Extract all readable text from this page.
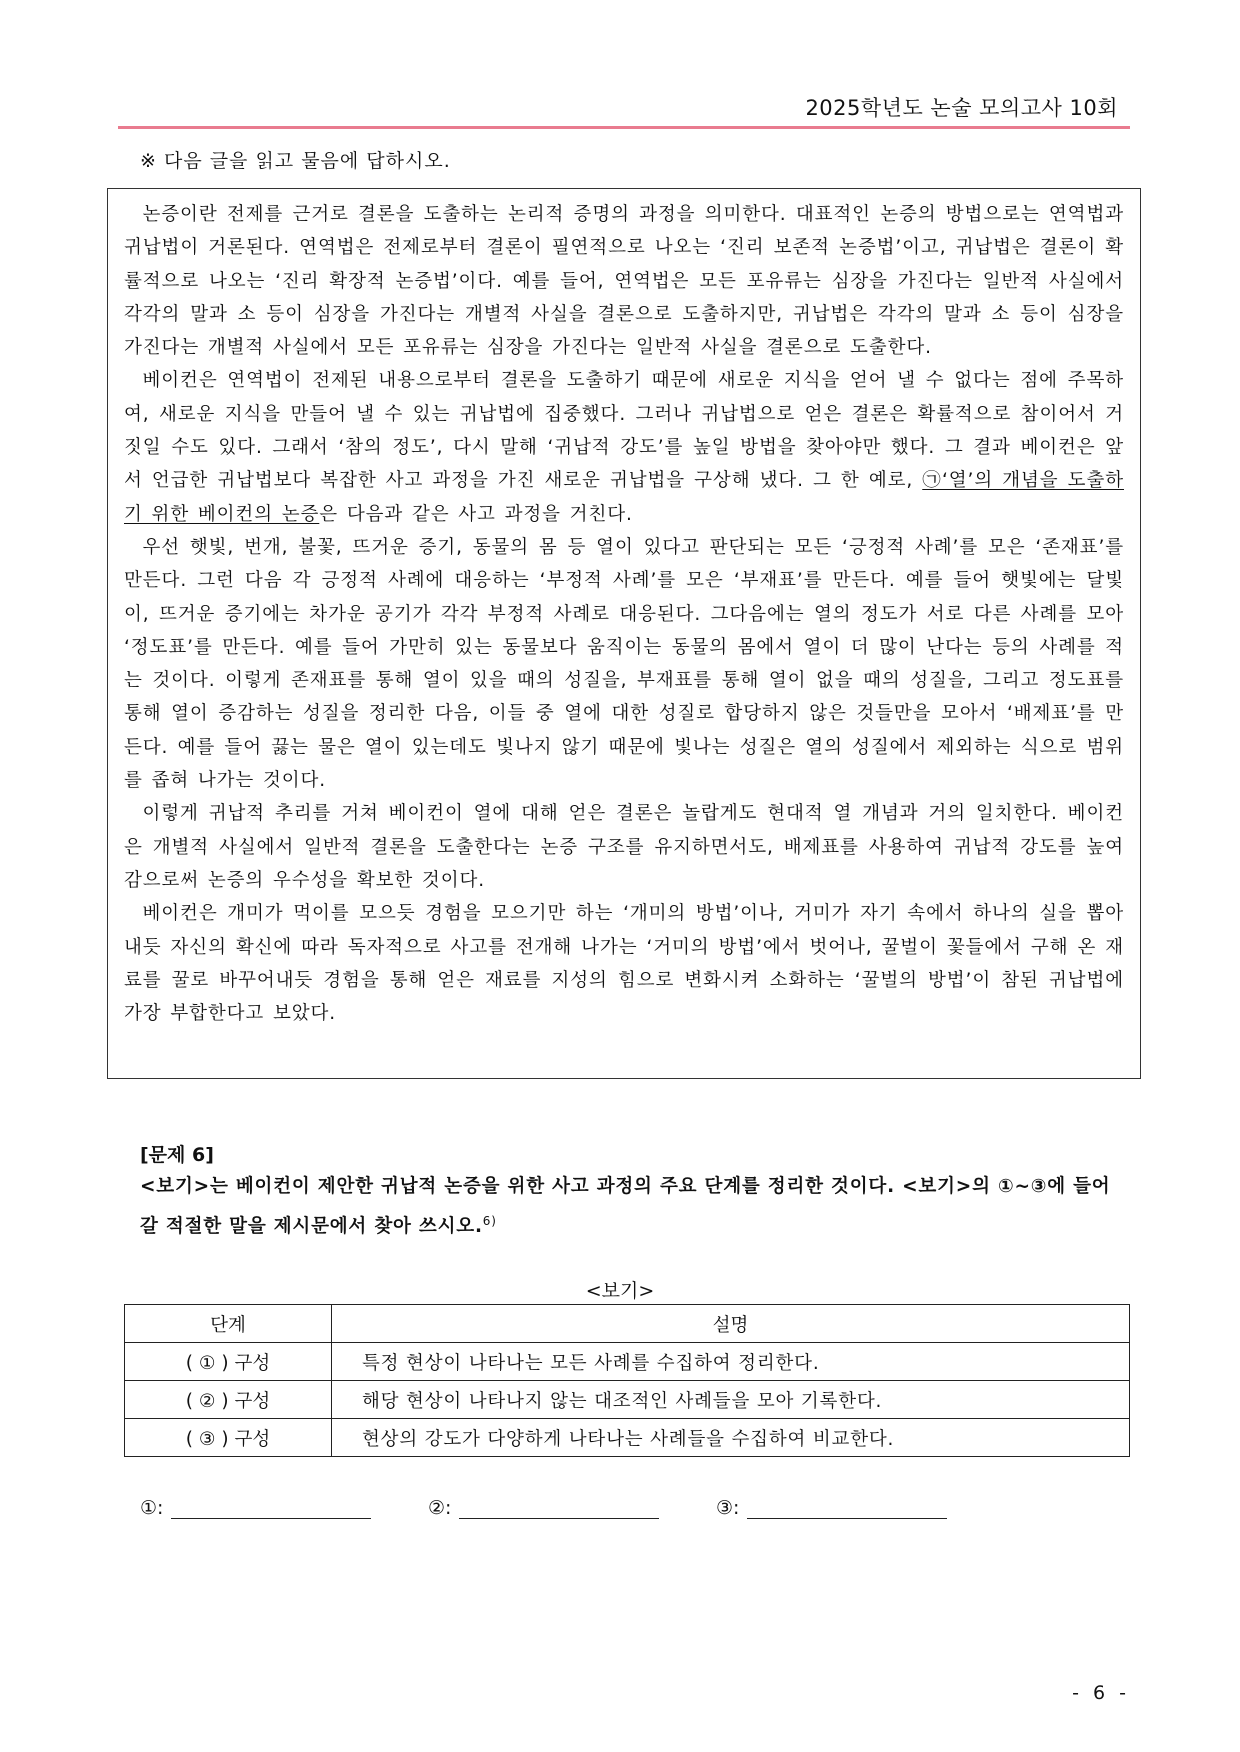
2025학년도 논술 모의고사 10회
※ 다음 글을 읽고 물음에 답하시오.

논증이란 전제를 근거로 결론을 도출하는 논리적 증명의 과정을 의미한다. 대표적인 논증의 방법으로는 연역법과 귀납법이 거론된다. 연역법은 전제로부터 결론이 필연적으로 나오는 ‘진리 보존적 논증법’이고, 귀납법은 결론이 확률적으로 나오는 ‘진리 확장적 논증법’이다. 예를 들어, 연역법은 모든 포유류는 심장을 가진다는 일반적 사실에서 각각의 말과 소 등이 심장을 가진다는 개별적 사실을 결론으로 도출하지만, 귀납법은 각각의 말과 소 등이 심장을 가진다는 개별적 사실에서 모든 포유류는 심장을 가진다는 일반적 사실을 결론으로 도출한다.

베이컨은 연역법이 전제된 내용으로부터 결론을 도출하기 때문에 새로운 지식을 얻어 낼 수 없다는 점에 주목하여, 새로운 지식을 만들어 낼 수 있는 귀납법에 집중했다. 그러나 귀납법으로 얻은 결론은 확률적으로 참이어서 거짓일 수도 있다. 그래서 ‘참의 정도’, 다시 말해 ‘귀납적 강도’를 높일 방법을 찾아야만 했다. 그 결과 베이컨은 앞서 언급한 귀납법보다 복잡한 사고 과정을 가진 새로운 귀납법을 구상해 냈다. 그 한 예로, ㉠‘열’의 개념을 도출하기 위한 베이컨의 논증은 다음과 같은 사고 과정을 거친다.

우선 햇빛, 번개, 불꽃, 뜨거운 증기, 동물의 몸 등 열이 있다고 판단되는 모든 ‘긍정적 사례’를 모은 ‘존재표’를 만든다. 그런 다음 각 긍정적 사례에 대응하는 ‘부정적 사례’를 모은 ‘부재표’를 만든다. 예를 들어 햇빛에는 달빛이, 뜨거운 증기에는 차가운 공기가 각각 부정적 사례로 대응된다. 그다음에는 열의 정도가 서로 다른 사례를 모아 ‘정도표’를 만든다. 예를 들어 가만히 있는 동물보다 움직이는 동물의 몸에서 열이 더 많이 난다는 등의 사례를 적는 것이다. 이렇게 존재표를 통해 열이 있을 때의 성질을, 부재표를 통해 열이 없을 때의 성질을, 그리고 정도표를 통해 열이 증감하는 성질을 정리한 다음, 이들 중 열에 대한 성질로 합당하지 않은 것들만을 모아서 ‘배제표’를 만든다. 예를 들어 끓는 물은 열이 있는데도 빛나지 않기 때문에 빛나는 성질은 열의 성질에서 제외하는 식으로 범위를 좁혀 나가는 것이다.

이렇게 귀납적 추리를 거쳐 베이컨이 열에 대해 얻은 결론은 놀랍게도 현대적 열 개념과 거의 일치한다. 베이컨은 개별적 사실에서 일반적 결론을 도출한다는 논증 구조를 유지하면서도, 배제표를 사용하여 귀납적 강도를 높여 감으로써 논증의 우수성을 확보한 것이다.

베이컨은 개미가 먹이를 모으듯 경험을 모으기만 하는 ‘개미의 방법’이나, 거미가 자기 속에서 하나의 실을 뽑아내듯 자신의 확신에 따라 독자적으로 사고를 전개해 나가는 ‘거미의 방법’에서 벗어나, 꿀벌이 꽃들에서 구해 온 재료를 꿀로 바꾸어내듯 경험을 통해 얻은 재료를 지성의 힘으로 변화시켜 소화하는 ‘꿀벌의 방법’이 참된 귀납법에 가장 부합한다고 보았다.

[문제 6]
<보기>는 베이컨이 제안한 귀납적 논증을 위한 사고 과정의 주요 단계를 정리한 것이다. <보기>의 ①~③에 들어갈 적절한 말을 제시문에서 찾아 쓰시오.$^{6)}$
<보기>
단계	설명
( ① ) 구성	특정 현상이 나타나는 모든 사례를 수집하여 정리한다.
( ② ) 구성	해당 현상이 나타나지 않는 대조적인 사례들을 모아 기록한다.
( ③ ) 구성	현상의 강도가 다양하게 나타나는 사례들을 수집하여 비교한다.
①:	②:	③:
- 6 -
